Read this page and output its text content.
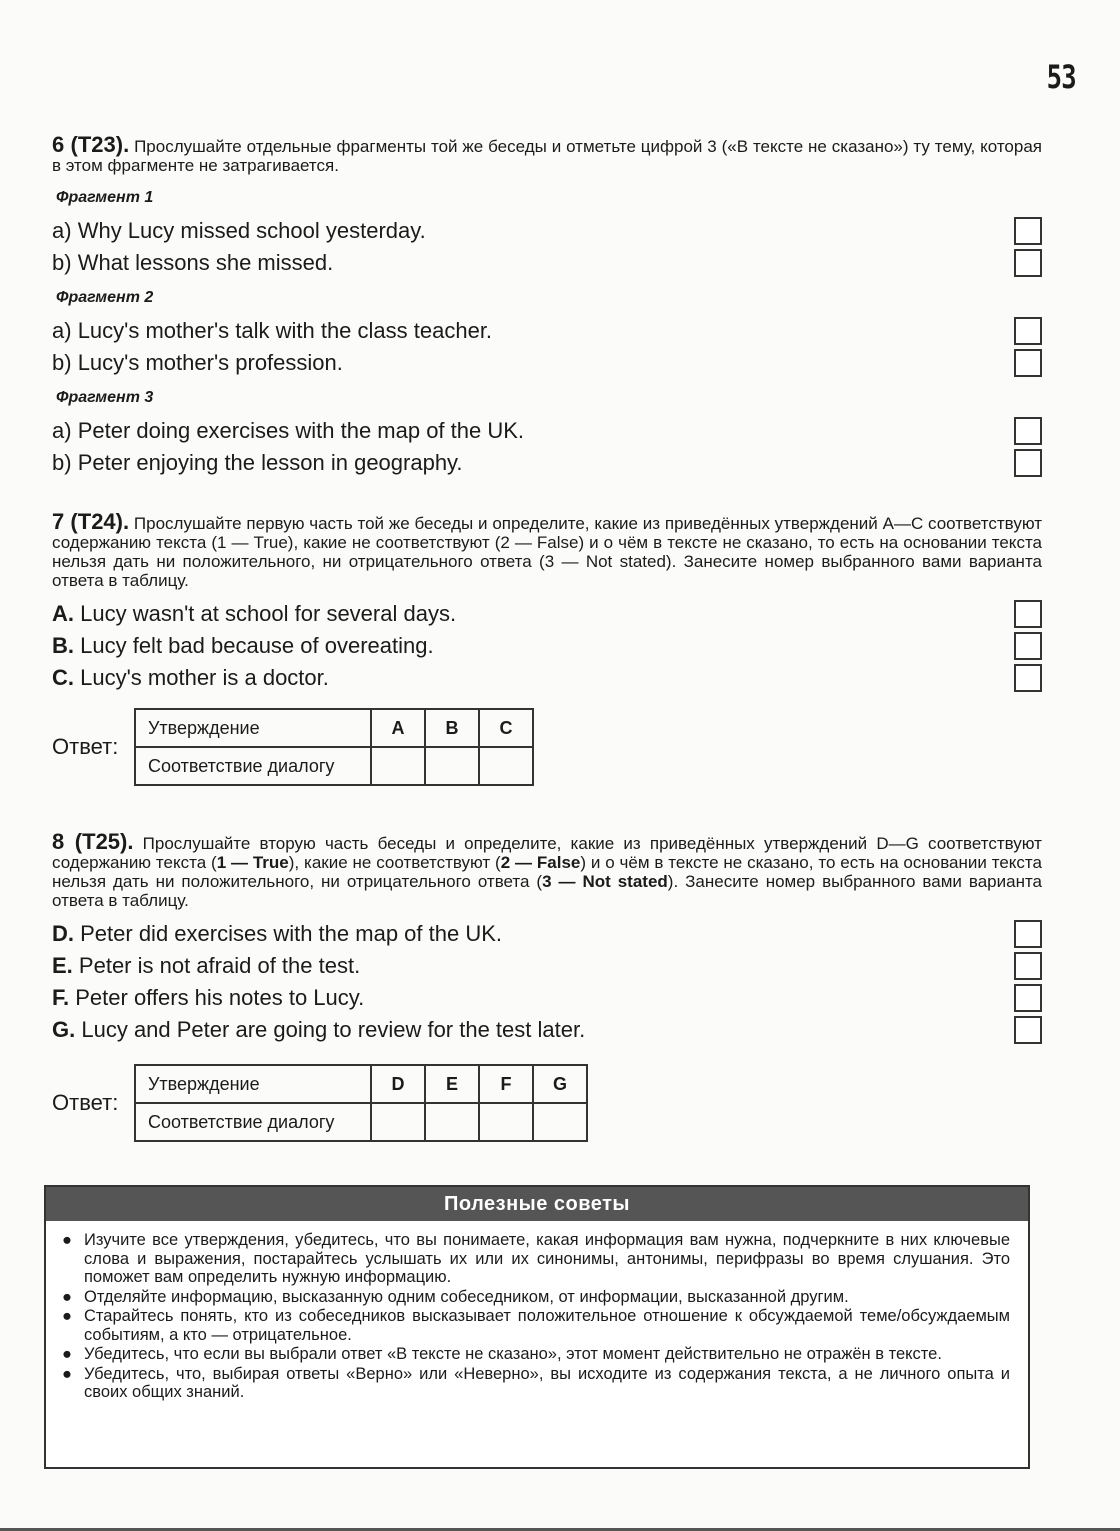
53
6 (T23). Прослушайте отдельные фрагменты той же беседы и отметьте цифрой 3 («В тексте не сказано») ту тему, которая в этом фрагменте не затрагивается.
Фрагмент 1
a) Why Lucy missed school yesterday.
b) What lessons she missed.
Фрагмент 2
a) Lucy's mother's talk with the class teacher.
b) Lucy's mother's profession.
Фрагмент 3
a) Peter doing exercises with the map of the UK.
b) Peter enjoying the lesson in geography.
7 (T24). Прослушайте первую часть той же беседы и определите, какие из приведённых утверждений A—C соответствуют содержанию текста (1 — True), какие не соответствуют (2 — False) и о чём в тексте не сказано, то есть на основании текста нельзя дать ни положительного, ни отрицательного ответа (3 — Not stated). Занесите номер выбранного вами варианта ответа в таблицу.
A. Lucy wasn't at school for several days.
B. Lucy felt bad because of overeating.
C. Lucy's mother is a doctor.
Ответ:
Утверждение	A	B	C
Соответствие диалогу			
8 (T25). Прослушайте вторую часть беседы и определите, какие из приведённых утверждений D—G соответствуют содержанию текста (1 — True), какие не соответствуют (2 — False) и о чём в тексте не сказано, то есть на основании текста нельзя дать ни положительного, ни отрицательного ответа (3 — Not stated). Занесите номер выбранного вами варианта ответа в таблицу.
D. Peter did exercises with the map of the UK.
E. Peter is not afraid of the test.
F. Peter offers his notes to Lucy.
G. Lucy and Peter are going to review for the test later.
Ответ:
Утверждение	D	E	F	G
Соответствие диалогу				
Полезные советы
● Изучите все утверждения, убедитесь, что вы понимаете, какая информация вам нужна, подчеркните в них ключевые слова и выражения, постарайтесь услышать их или их синонимы, антонимы, перифразы во время слушания. Это поможет вам определить нужную информацию.
● Отделяйте информацию, высказанную одним собеседником, от информации, высказанной другим.
● Старайтесь понять, кто из собеседников высказывает положительное отношение к обсуждаемой теме/обсуждаемым событиям, а кто — отрицательное.
● Убедитесь, что если вы выбрали ответ «В тексте не сказано», этот момент действительно не отражён в тексте.
● Убедитесь, что, выбирая ответы «Верно» или «Неверно», вы исходите из содержания текста, а не личного опыта и своих общих знаний.
